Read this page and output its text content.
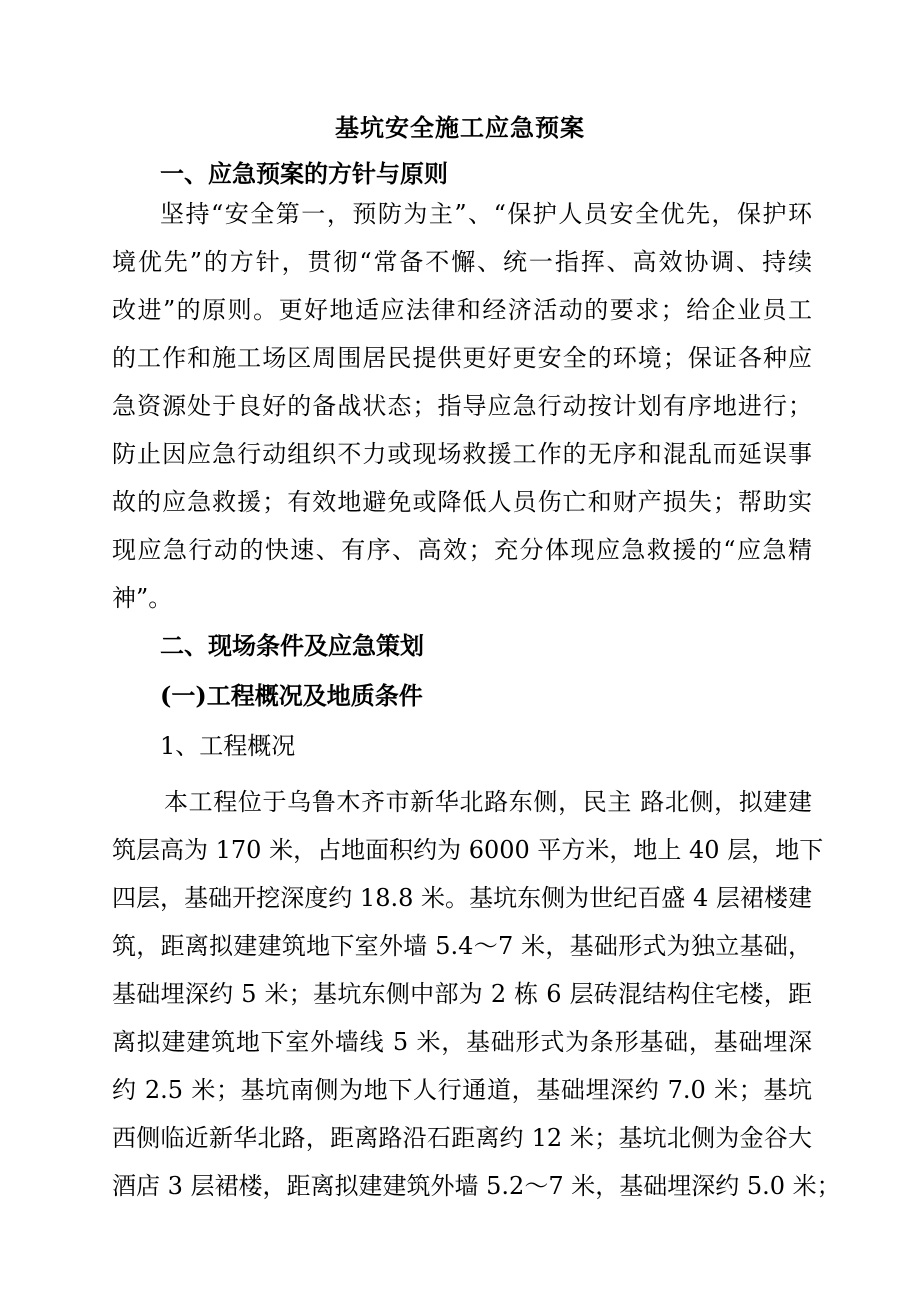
基坑安全施工应急预案
一、应急预案的方针与原则
坚持“安全第一，预防为主”、“保护人员安全优先，保护环
境优先”的方针，贯彻“常备不懈、统一指挥、高效协调、持续
改进”的原则。更好地适应法律和经济活动的要求；给企业员工
的工作和施工场区周围居民提供更好更安全的环境；保证各种应
急资源处于良好的备战状态；指导应急行动按计划有序地进行；
防止因应急行动组织不力或现场救援工作的无序和混乱而延误事
故的应急救援；有效地避免或降低人员伤亡和财产损失；帮助实
现应急行动的快速、有序、高效；充分体现应急救援的“应急精
神”。
二、现场条件及应急策划
(一)工程概况及地质条件
1、工程概况
本工程位于乌鲁木齐市新华北路东侧，民主 路北侧，拟建建
筑层高为 170 米，占地面积约为 6000 平方米，地上 40 层，地下
四层，基础开挖深度约 18.8 米。基坑东侧为世纪百盛 4 层裙楼建
筑，距离拟建建筑地下室外墙 5.4～7 米，基础形式为独立基础，
基础埋深约 5 米；基坑东侧中部为 2 栋 6 层砖混结构住宅楼，距
离拟建建筑地下室外墙线 5 米，基础形式为条形基础，基础埋深
约 2.5 米；基坑南侧为地下人行通道，基础埋深约 7.0 米；基坑
西侧临近新华北路，距离路沿石距离约 12 米；基坑北侧为金谷大
酒店 3 层裙楼，距离拟建建筑外墙 5.2～7 米，基础埋深约 5.0 米；
